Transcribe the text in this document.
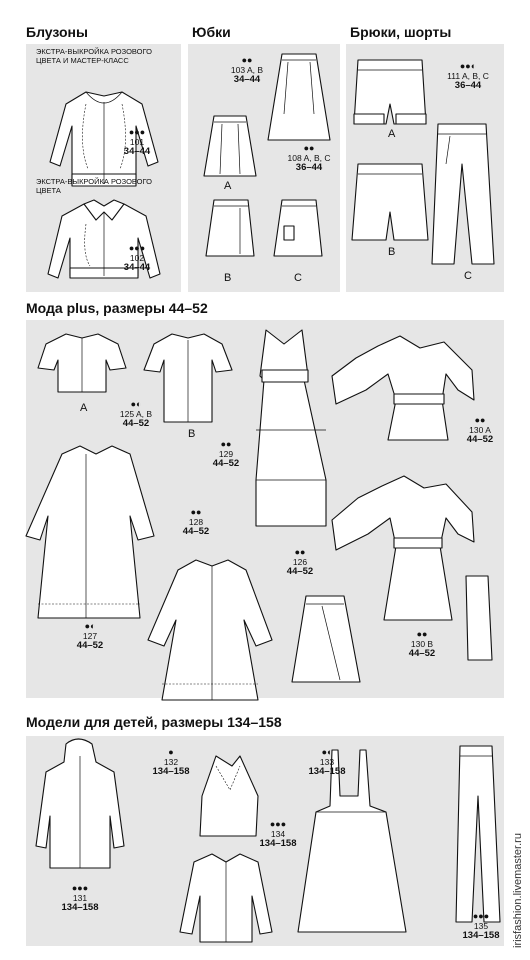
Блузоны	Юбки	Брюки, шорты
Мода plus, размеры 44–52
Модели для детей, размеры 134–158
ЭКСТРА-ВЫКРОЙКА РОЗОВОГО
ЦВЕТА И МАСТЕР-КЛАСС
ЭКСТРА-ВЫКРОЙКА РОЗОВОГО ЦВЕТА
●●●
101
34–44
●●●
102
34–44
●●
103 A, B
34–44
●●
108 A, B, C
36–44
A
B	C
●●◐
111 A, B, C
36–44
A
B
C
A
B
●◐
125 A, B
44–52
●●
129
44–52
●●
130 A
44–52
●●
128
44–52
●●
126
44–52
●◐
127
44–52
●●
130 B
44–52
●
132
134–158
●◐
133
134–158
●●●
134
134–158
●●●
131
134–158
●●●
135
134–158	irisfashion.livemaster.ru
